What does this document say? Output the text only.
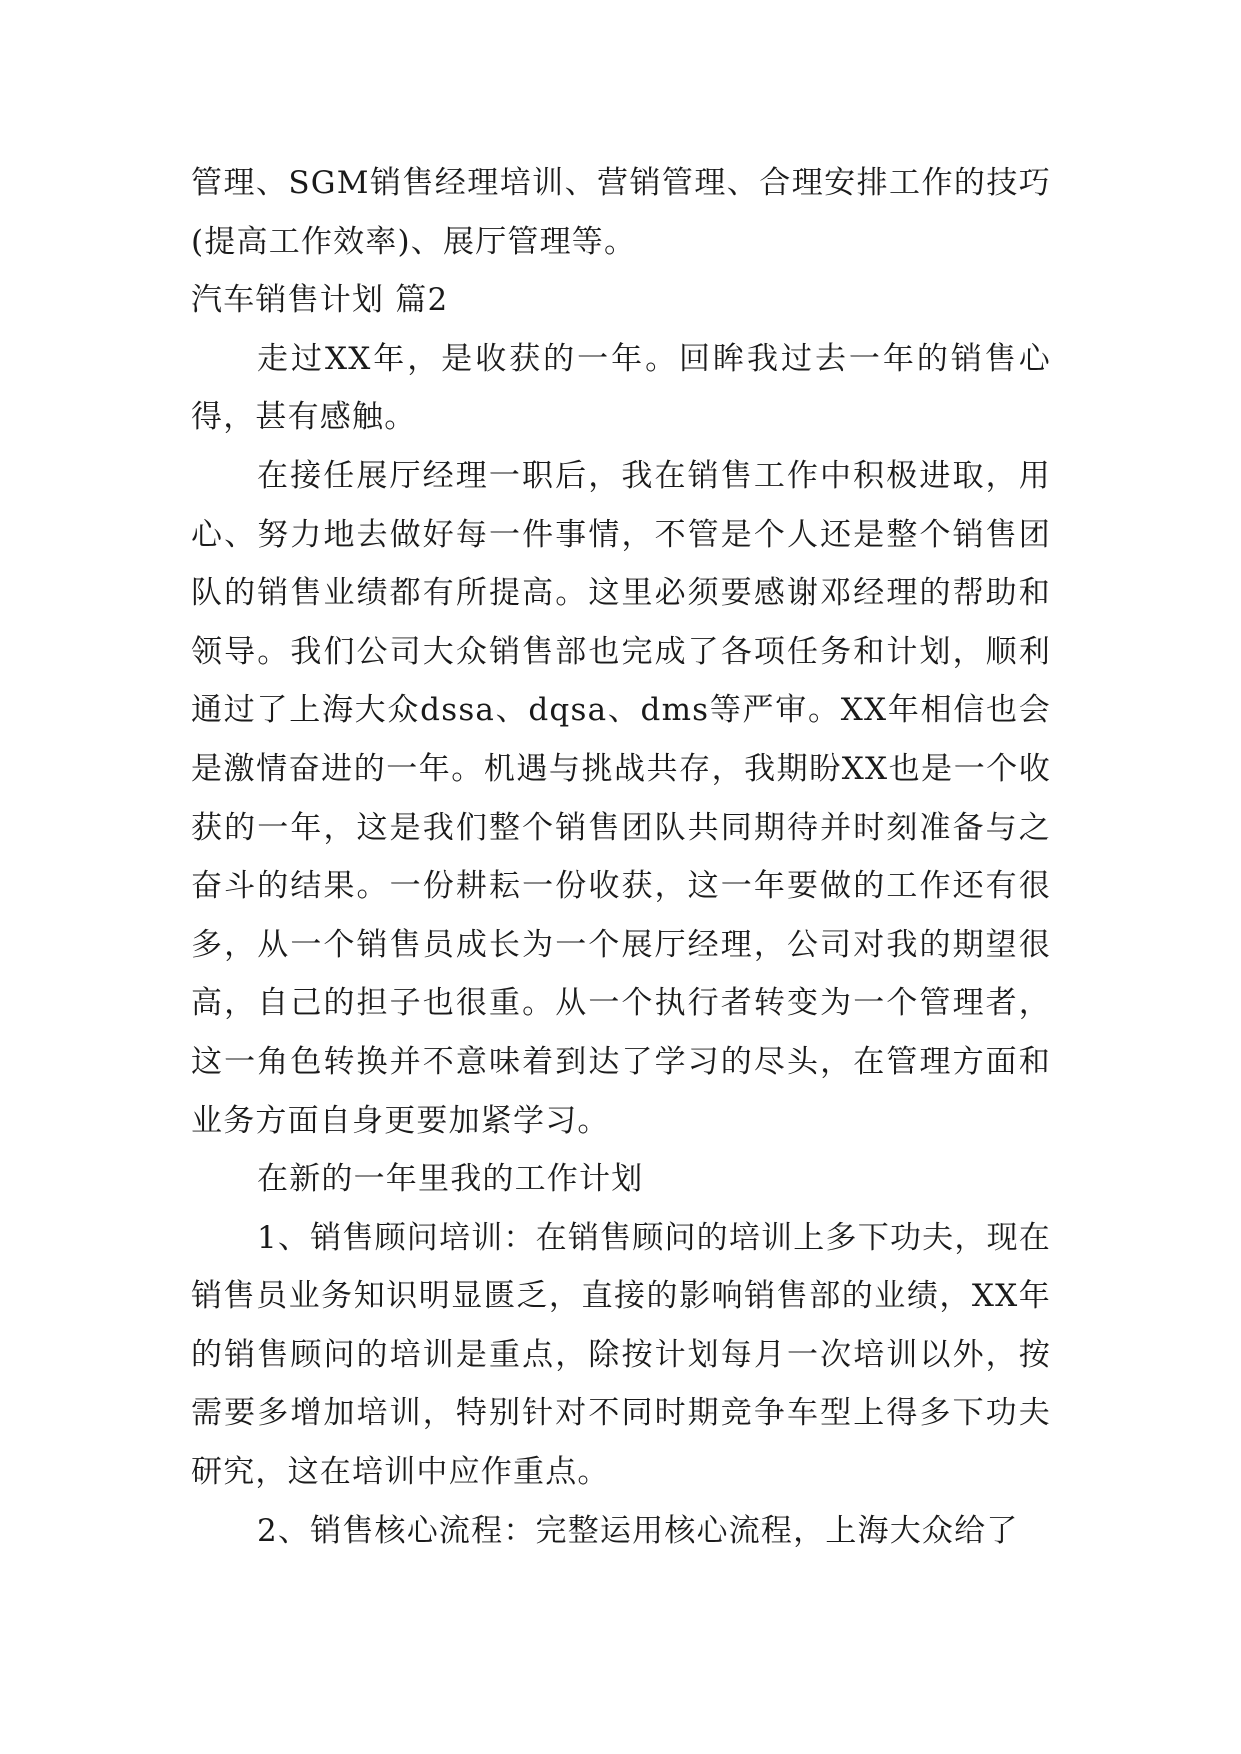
管理、SGM销售经理培训、营销管理、合理安排工作的技巧(提高工作效率)、展厅管理等。

汽车销售计划 篇2

走过XX年，是收获的一年。回眸我过去一年的销售心得，甚有感触。

在接任展厅经理一职后，我在销售工作中积极进取，用心、努力地去做好每一件事情，不管是个人还是整个销售团队的销售业绩都有所提高。这里必须要感谢邓经理的帮助和领导。我们公司大众销售部也完成了各项任务和计划，顺利通过了上海大众dssa、dqsa、dms等严审。XX年相信也会是激情奋进的一年。机遇与挑战共存，我期盼XX也是一个收获的一年，这是我们整个销售团队共同期待并时刻准备与之奋斗的结果。一份耕耘一份收获，这一年要做的工作还有很多，从一个销售员成长为一个展厅经理，公司对我的期望很高，自己的担子也很重。从一个执行者转变为一个管理者，这一角色转换并不意味着到达了学习的尽头，在管理方面和业务方面自身更要加紧学习。

在新的一年里我的工作计划

1、销售顾问培训：在销售顾问的培训上多下功夫，现在销售员业务知识明显匮乏，直接的影响销售部的业绩，XX年的销售顾问的培训是重点，除按计划每月一次培训以外，按需要多增加培训，特别针对不同时期竞争车型上得多下功夫研究，这在培训中应作重点。

2、销售核心流程：完整运用核心流程，上海大众给了
